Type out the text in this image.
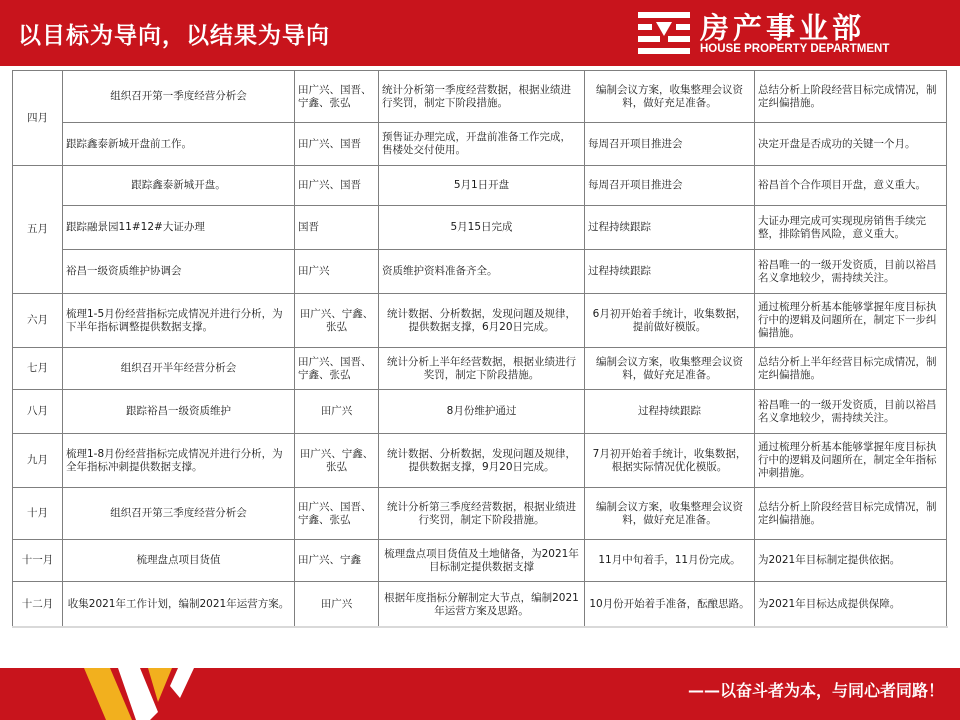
以目标为导向，以结果为导向	房产事业部
HOUSE PROPERTY DEPARTMENT
四月	组织召开第一季度经营分析会	田广兴、国晋、宁鑫、张弘	统计分析第一季度经营数据，根据业绩进行奖罚，制定下阶段措施。	编制会议方案，收集整理会议资料，做好充足准备。	总结分析上阶段经营目标完成情况，制定纠偏措施。
	跟踪鑫泰新城开盘前工作。	田广兴、国晋	预售证办理完成，开盘前准备工作完成，售楼处交付使用。	每周召开项目推进会	决定开盘是否成功的关键一个月。
五月	跟踪鑫泰新城开盘。	田广兴、国晋	5月1日开盘	每周召开项目推进会	裕昌首个合作项目开盘，意义重大。
	跟踪融景园11#12#大证办理	国晋	5月15日完成	过程持续跟踪	大证办理完成可实现现房销售手续完整，排除销售风险，意义重大。
	裕昌一级资质维护协调会	田广兴	资质维护资料准备齐全。	过程持续跟踪	裕昌唯一的一级开发资质，目前以裕昌名义拿地较少，需持续关注。
六月	梳理1-5月份经营指标完成情况并进行分析，为下半年指标调整提供数据支撑。	田广兴、宁鑫、张弘	统计数据、分析数据，发现问题及规律，提供数据支撑，6月20日完成。	6月初开始着手统计，收集数据，提前做好模版。	通过梳理分析基本能够掌握年度目标执行中的逻辑及问题所在，制定下一步纠偏措施。
七月	组织召开半年经营分析会	田广兴、国晋、宁鑫、张弘	统计分析上半年经营数据，根据业绩进行奖罚，制定下阶段措施。	编制会议方案，收集整理会议资料，做好充足准备。	总结分析上半年经营目标完成情况，制定纠偏措施。
八月	跟踪裕昌一级资质维护	田广兴	8月份维护通过	过程持续跟踪	裕昌唯一的一级开发资质，目前以裕昌名义拿地较少，需持续关注。
九月	梳理1-8月份经营指标完成情况并进行分析，为全年指标冲刺提供数据支撑。	田广兴、宁鑫、张弘	统计数据、分析数据，发现问题及规律，提供数据支撑，9月20日完成。	7月初开始着手统计，收集数据，根据实际情况优化模版。	通过梳理分析基本能够掌握年度目标执行中的逻辑及问题所在，制定全年指标冲刺措施。
十月	组织召开第三季度经营分析会	田广兴、国晋、宁鑫、张弘	统计分析第三季度经营数据，根据业绩进行奖罚，制定下阶段措施。	编制会议方案，收集整理会议资料，做好充足准备。	总结分析上阶段经营目标完成情况，制定纠偏措施。
十一月	梳理盘点项目货值	田广兴、宁鑫	梳理盘点项目货值及土地储备，为2021年目标制定提供数据支撑	11月中旬着手，11月份完成。	为2021年目标制定提供依据。
十二月	收集2021年工作计划，编制2021年运营方案。	田广兴	根据年度指标分解制定大节点，编制2021年运营方案及思路。	10月份开始着手准备，酝酿思路。	为2021年目标达成提供保障。
——以奋斗者为本，与同心者同路！
